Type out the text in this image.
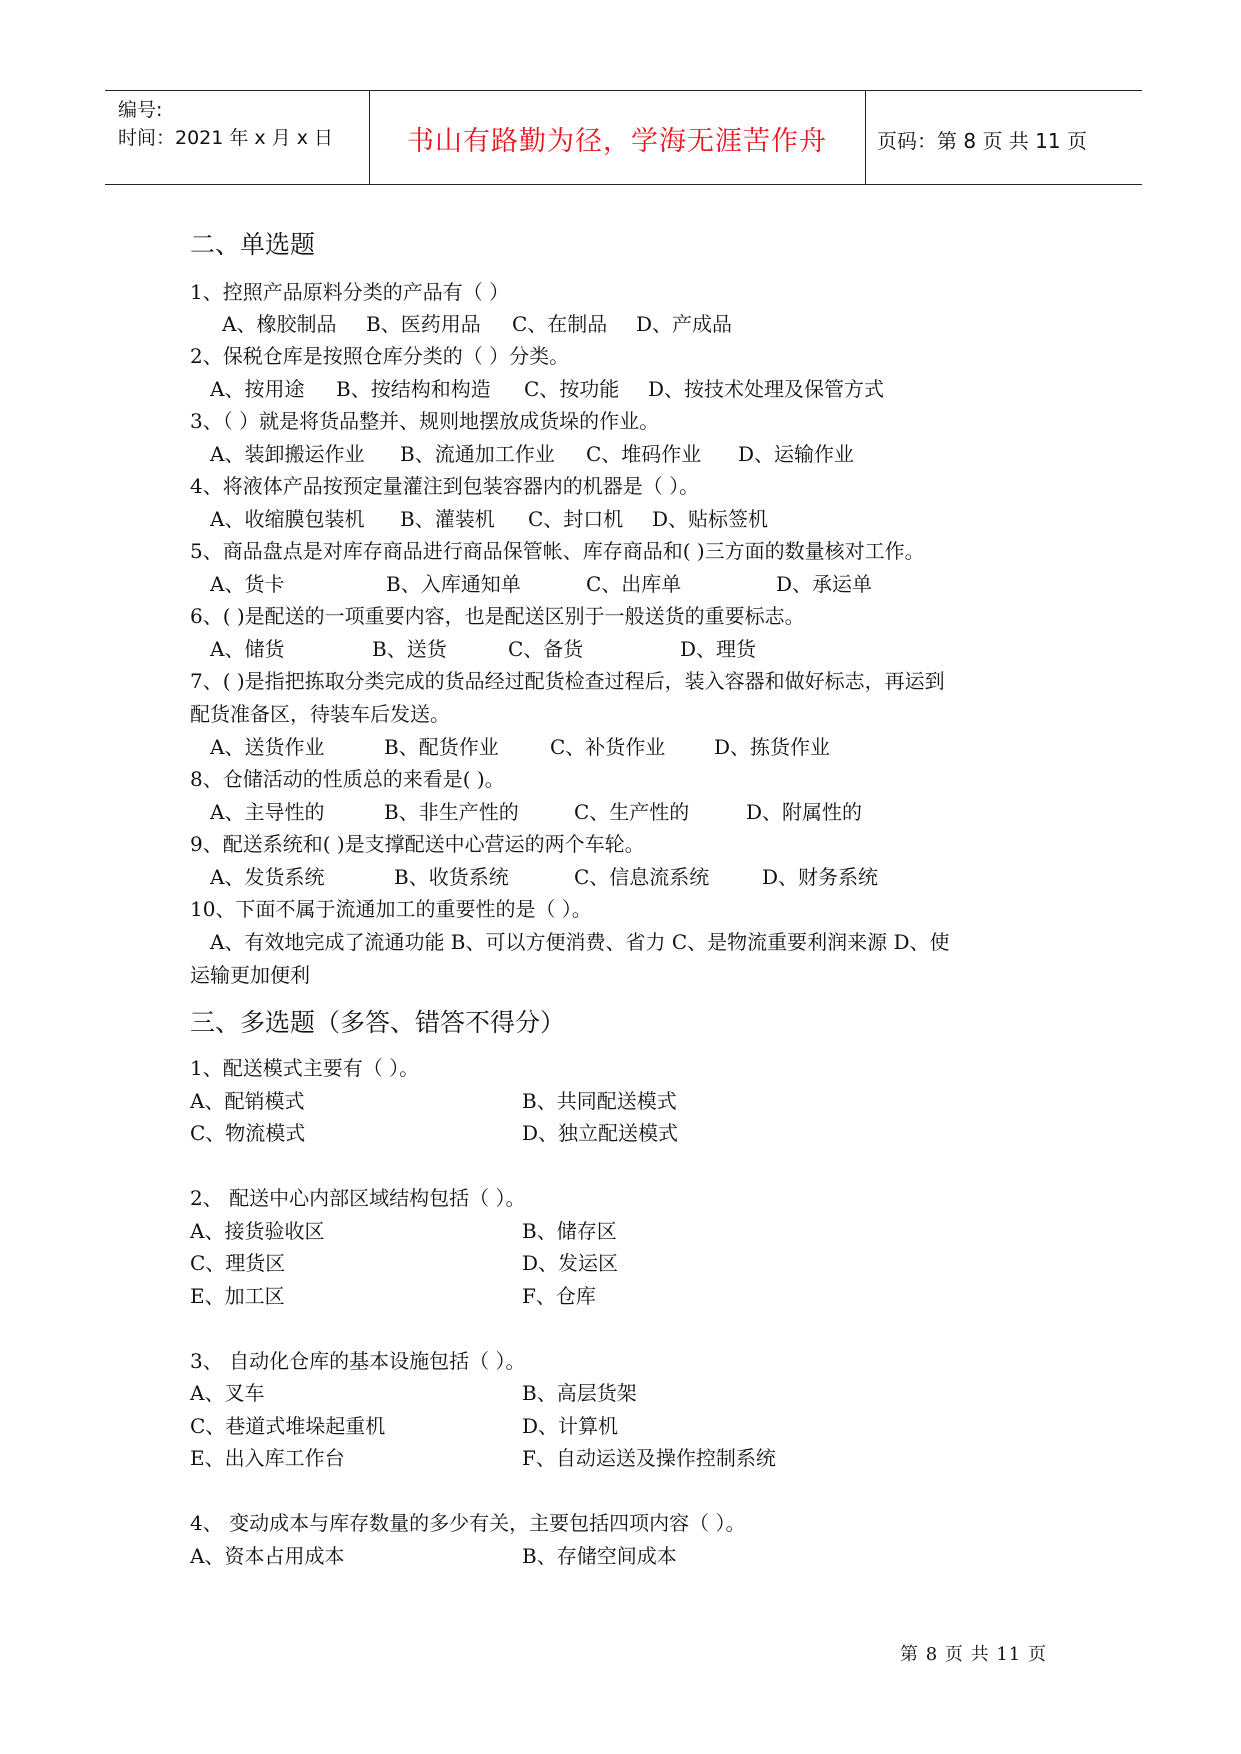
编号:
时间：2021 年 x 月 x 日	书山有路勤为径，学海无涯苦作舟	页码：第 8 页 共 11 页
二、单选题
1、控照产品原料分类的产品有（ ）
A、橡胶制品 B、医药用品 C、在制品 D、产成品
2、保税仓库是按照仓库分类的（ ）分类。
A、按用途 B、按结构和构造 C、按功能 D、按技术处理及保管方式
3、（ ）就是将货品整并、规则地摆放成货垛的作业。
A、装卸搬运作业 B、流通加工作业 C、堆码作业 D、运输作业
4、将液体产品按预定量灌注到包装容器内的机器是（ ）。
A、收缩膜包装机 B、灌装机 C、封口机 D、贴标签机
5、商品盘点是对库存商品进行商品保管帐、库存商品和( )三方面的数量核对工作。
A、货卡	B、入库通知单	C、出库单	D、承运单
6、( )是配送的一项重要内容，也是配送区别于一般送货的重要标志。
A、储货	B、送货	C、备货	D、理货
7、( )是指把拣取分类完成的货品经过配货检查过程后，装入容器和做好标志，再运到
配货准备区，待装车后发送。
A、送货作业	B、配货作业	C、补货作业 D、拣货作业
8、仓储活动的性质总的来看是( )。
A、主导性的	B、非生产性的	C、生产性的	D、附属性的
9、配送系统和( )是支撑配送中心营运的两个车轮。
A、发货系统	B、收货系统	C、信息流系统	D、财务系统
10、下面不属于流通加工的重要性的是（ ）。
A、有效地完成了流通功能 B、可以方便消费、省力 C、是物流重要利润来源 D、使
运输更加便利
三、多选题（多答、错答不得分）
1、配送模式主要有（ ）。
A、配销模式	B、共同配送模式
C、物流模式	D、独立配送模式
2、 配送中心内部区域结构包括（ ）。
A、接货验收区	B、储存区
C、理货区	D、发运区
E、加工区	F、仓库
3、 自动化仓库的基本设施包括（ ）。
A、叉车	B、高层货架
C、巷道式堆垛起重机	D、计算机
E、出入库工作台	F、自动运送及操作控制系统
4、 变动成本与库存数量的多少有关，主要包括四项内容（ ）。
A、资本占用成本	B、存储空间成本
第 8 页 共 11 页
